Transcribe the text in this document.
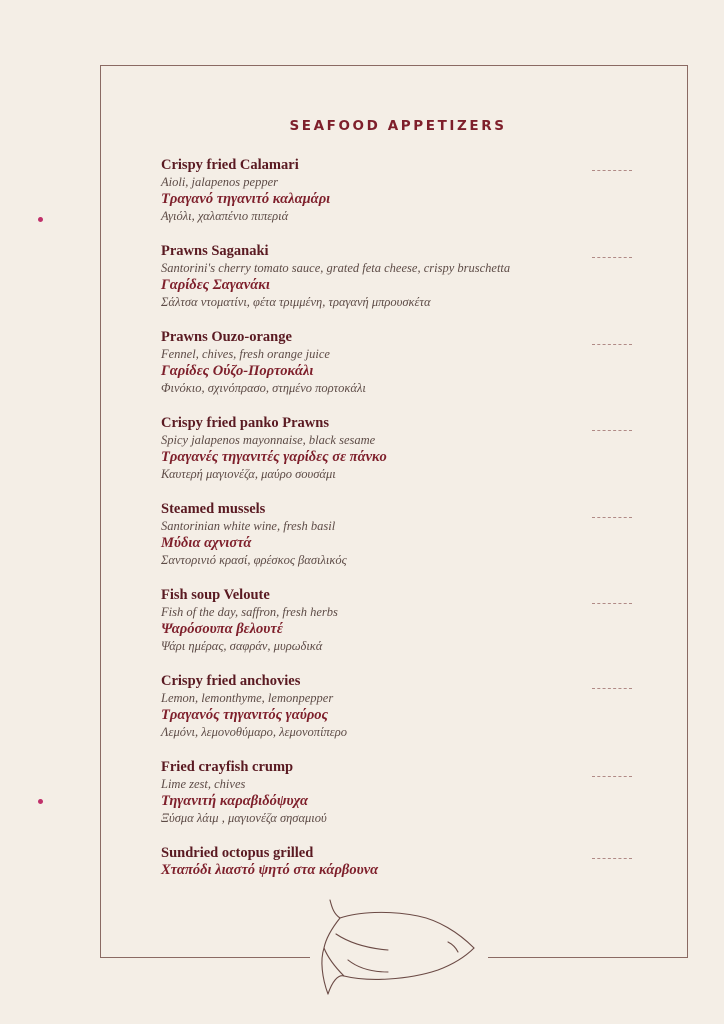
SEAFOOD APPETIZERS
Crispy fried Calamari
Aioli, jalapenos pepper
Τραγανό τηγανιτό καλαμάρι
Αγιόλι, χαλαπένιο πιπεριά
Prawns Saganaki
Santorini's cherry tomato sauce, grated feta cheese, crispy bruschetta
Γαρίδες Σαγανάκι
Σάλτσα ντοματίνι, φέτα τριμμένη, τραγανή μπρουσκέτα
Prawns Ouzo-orange
Fennel, chives, fresh orange juice
Γαρίδες Ούζο-Πορτοκάλι
Φινόκιο, σχινόπρασο, στημένο πορτοκάλι
Crispy fried panko Prawns
Spicy jalapenos mayonnaise, black sesame
Τραγανές τηγανιτές γαρίδες σε πάνκο
Καυτερή μαγιονέζα, μαύρο σουσάμι
Steamed mussels
Santorinian white wine, fresh basil
Μύδια αχνιστά
Σαντορινιό κρασί, φρέσκος βασιλικός
Fish soup Veloute
Fish of the day, saffron, fresh herbs
Ψαρόσουπα βελουτέ
Ψάρι ημέρας, σαφράν, μυρωδικά
Crispy fried anchovies
Lemon, lemonthyme, lemonpepper
Τραγανός τηγανιτός γαύρος
Λεμόνι, λεμονοθύμαρο, λεμονοπίπερο
Fried crayfish crump
Lime zest, chives
Τηγανιτή καραβιδόψυχα
Ξύσμα λάιμ , μαγιονέζα σησαμιού
Sundried octopus grilled
Χταπόδι λιαστό ψητό στα κάρβουνα
